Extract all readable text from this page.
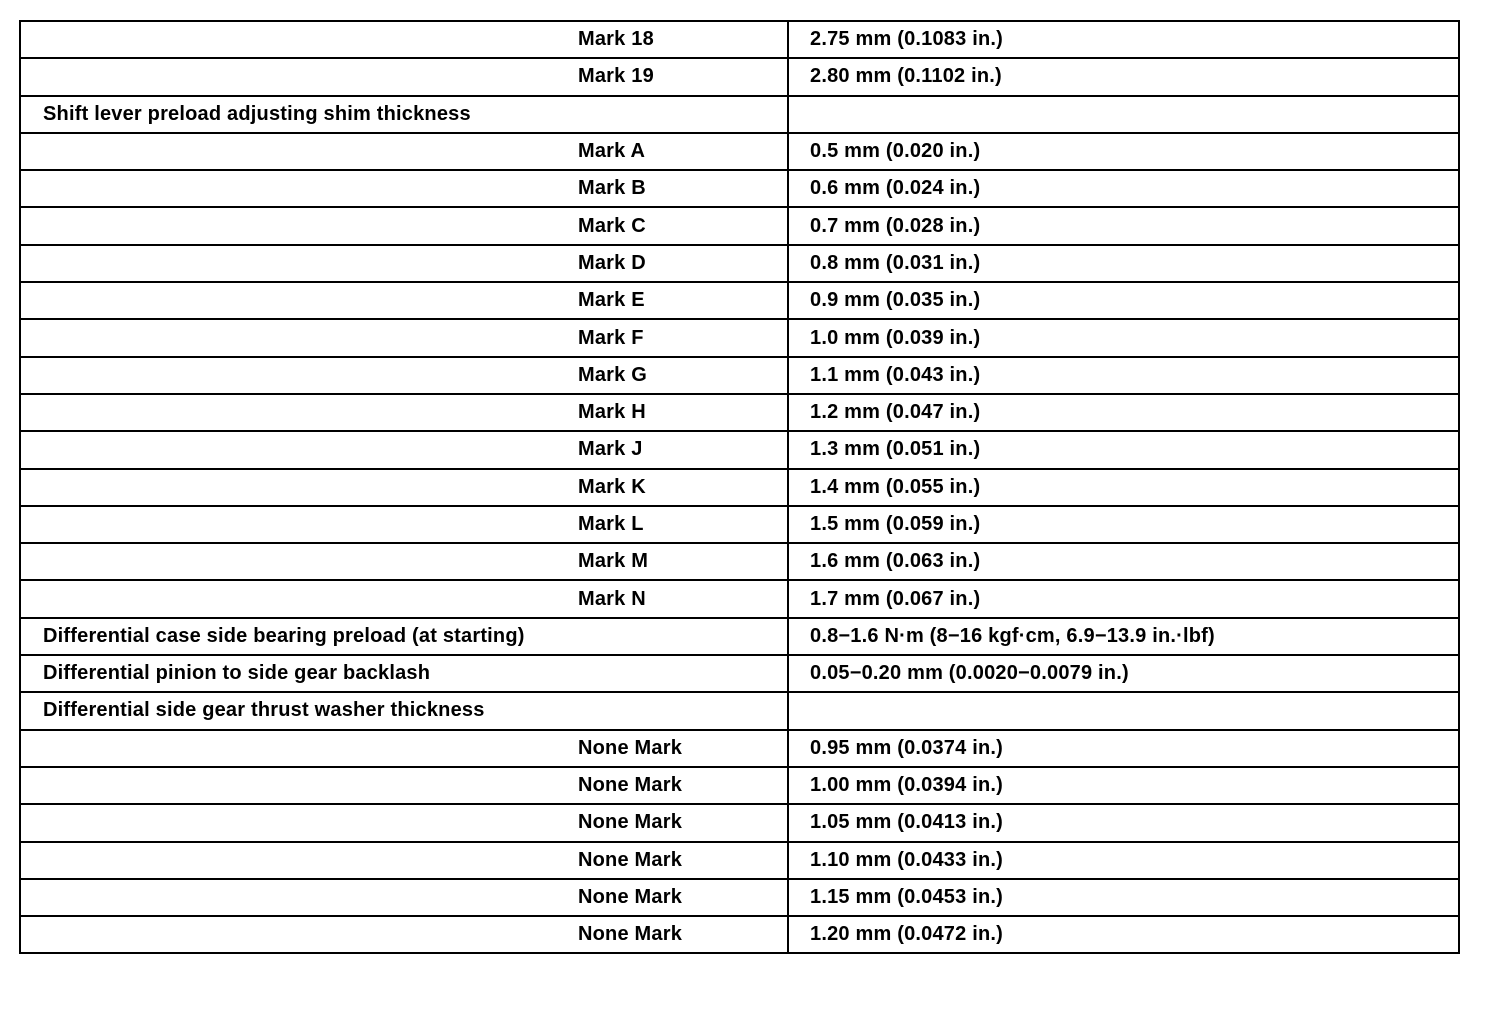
Mark 18	2.75 mm (0.1083 in.)
Mark 19	2.80 mm (0.1102 in.)
Shift lever preload adjusting shim thickness	
Mark A	0.5 mm (0.020 in.)
Mark B	0.6 mm (0.024 in.)
Mark C	0.7 mm (0.028 in.)
Mark D	0.8 mm (0.031 in.)
Mark E	0.9 mm (0.035 in.)
Mark F	1.0 mm (0.039 in.)
Mark G	1.1 mm (0.043 in.)
Mark H	1.2 mm (0.047 in.)
Mark J	1.3 mm (0.051 in.)
Mark K	1.4 mm (0.055 in.)
Mark L	1.5 mm (0.059 in.)
Mark M	1.6 mm (0.063 in.)
Mark N	1.7 mm (0.067 in.)
Differential case side bearing preload (at starting)	0.8−1.6 N·m (8−16 kgf·cm, 6.9−13.9 in.·lbf)
Differential pinion to side gear backlash	0.05−0.20 mm (0.0020−0.0079 in.)
Differential side gear thrust washer thickness	
None Mark	0.95 mm (0.0374 in.)
None Mark	1.00 mm (0.0394 in.)
None Mark	1.05 mm (0.0413 in.)
None Mark	1.10 mm (0.0433 in.)
None Mark	1.15 mm (0.0453 in.)
None Mark	1.20 mm (0.0472 in.)
